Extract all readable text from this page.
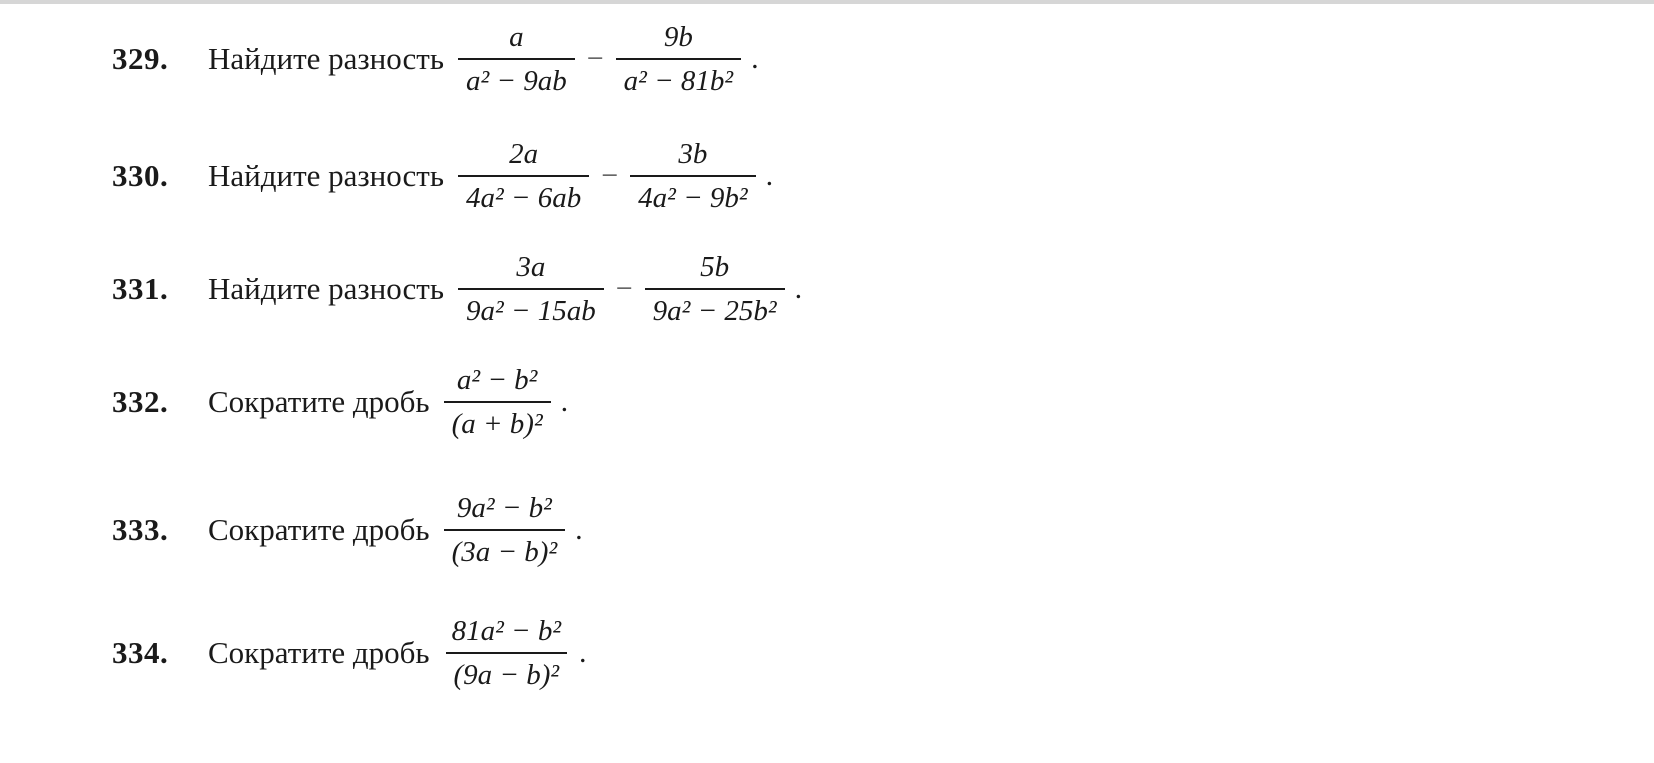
329.	Найдите разность $\frac{a}{\text{a² − 9ab}} - \frac{9b}{\text{a² − 81b²}}$ .
330.	Найдите разность $\frac{2a}{\text{4a² − 6ab}} - \frac{3b}{\text{4a² − 9b²}}$ .
331.	Найдите разность $\frac{3a}{\text{9a² − 15ab}} - \frac{5b}{\text{9a² − 25b²}}$ .
332.	Сократите дробь $\frac{\text{a² − b²}}{\text{(a + b)²}}$ .
333.	Сократите дробь $\frac{\text{9a² − b²}}{\text{(3a − b)²}}$ .
334.	Сократите дробь $\frac{\text{81a² − b²}}{\text{(9a − b)²}}$ .
